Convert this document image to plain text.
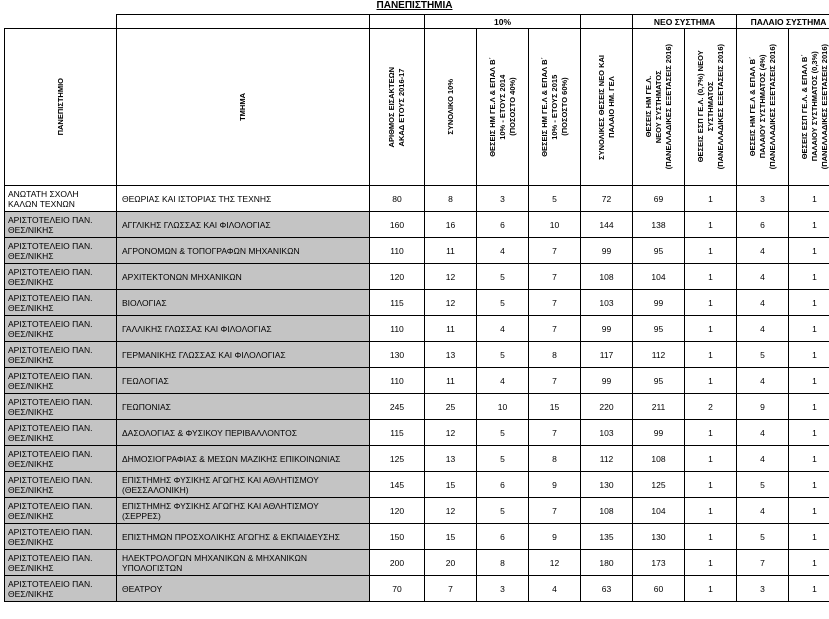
ΠΑΝΕΠΙΣΤΗΜΙΑ
			10%				ΝΕΟ ΣΥΣΤΗΜΑ		ΠΑΛΑΙΟ ΣΥΣΤΗΜΑ	

ΠΑΝΕΠΙΣΤΗΜΙΟ	ΤΜΗΜΑ	ΑΡΙΘΜΟΣ ΕΙΣΑΚΤΕΩΝ
ΑΚΑΔ ΕΤΟΥΣ 2016-17	ΣΥΝΟΛΙΚΟ 10%	ΘΕΣΕΙΣ ΗΜ ΓΕ.Λ & ΕΠΑΛ Β΄
10% - ΕΤΟΥΣ 2014
(ΠΟΣΟΣΤΟ 40%)	ΘΕΣΕΙΣ ΗΜ ΓΕ.Λ & ΕΠΑΛ Β΄
10% - ΕΤΟΥΣ 2015
(ΠΟΣΟΣΤΟ 60%)	ΣΥΝΟΛΙΚΕΣ ΘΕΣΕΙΣ ΝΕΟ ΚΑΙ
ΠΑΛΑΙΟ ΗΜ. ΓΕΛ	ΘΕΣΕΙΣ ΗΜ ΓΕ.Λ.
ΝΕΟΥ ΣΥΣΤΗΜΑΤΟΣ
(ΠΑΝΕΛΛΑΔΙΚΕΣ ΕΞΕΤΑΣΕΙΣ 2016)	ΘΕΣΕΙΣ ΕΣΠ ΓΕ.Λ. (0,7%) ΝΕΟΥ
ΣΥΣΤΗΜΑΤΟΣ
(ΠΑΝΕΛΛΑΔΙΚΕΣ ΕΞΕΤΑΣΕΙΣ 2016)	ΘΕΣΕΙΣ ΗΜ ΓΕ.Λ & ΕΠΑΛ Β΄
ΠΑΛΑΙΟΥ ΣΥΣΤΗΜΑΤΟΣ (4%)
(ΠΑΝΕΛΛΑΔΙΚΕΣ ΕΞΕΤΑΣΕΙΣ 2016)	ΘΕΣΕΙΣ ΕΣΠ ΓΕ.Λ. & ΕΠΑΛ Β΄
ΠΑΛΑΙΟΥ ΣΥΣΤΗΜΑΤΟΣ (0,3%)
(ΠΑΝΕΛΛΑΔΙΚΕΣ ΕΞΕΤΑΣΕΙΣ 2016)

ΑΝΩΤΑΤΗ ΣΧΟΛΗ
ΚΑΛΩΝ ΤΕΧΝΩΝ	ΘΕΩΡΙΑΣ ΚΑΙ ΙΣΤΟΡΙΑΣ ΤΗΣ ΤΕΧΝΗΣ	80	8	3	5	72	69	1	3	1
ΑΡΙΣΤΟΤΕΛΕΙΟ ΠΑΝ.
ΘΕΣ/ΝΙΚΗΣ	ΑΓΓΛΙΚΗΣ ΓΛΩΣΣΑΣ ΚΑΙ ΦΙΛΟΛΟΓΙΑΣ	160	16	6	10	144	138	1	6	1
ΑΡΙΣΤΟΤΕΛΕΙΟ ΠΑΝ.
ΘΕΣ/ΝΙΚΗΣ	ΑΓΡΟΝΟΜΩΝ & ΤΟΠΟΓΡΑΦΩΝ ΜΗΧΑΝΙΚΩΝ	110	11	4	7	99	95	1	4	1
ΑΡΙΣΤΟΤΕΛΕΙΟ ΠΑΝ.
ΘΕΣ/ΝΙΚΗΣ	ΑΡΧΙΤΕΚΤΟΝΩΝ ΜΗΧΑΝΙΚΩΝ	120	12	5	7	108	104	1	4	1
ΑΡΙΣΤΟΤΕΛΕΙΟ ΠΑΝ.
ΘΕΣ/ΝΙΚΗΣ	ΒΙΟΛΟΓΙΑΣ	115	12	5	7	103	99	1	4	1
ΑΡΙΣΤΟΤΕΛΕΙΟ ΠΑΝ.
ΘΕΣ/ΝΙΚΗΣ	ΓΑΛΛΙΚΗΣ ΓΛΩΣΣΑΣ ΚΑΙ ΦΙΛΟΛΟΓΙΑΣ	110	11	4	7	99	95	1	4	1
ΑΡΙΣΤΟΤΕΛΕΙΟ ΠΑΝ.
ΘΕΣ/ΝΙΚΗΣ	ΓΕΡΜΑΝΙΚΗΣ ΓΛΩΣΣΑΣ ΚΑΙ ΦΙΛΟΛΟΓΙΑΣ	130	13	5	8	117	112	1	5	1
ΑΡΙΣΤΟΤΕΛΕΙΟ ΠΑΝ.
ΘΕΣ/ΝΙΚΗΣ	ΓΕΩΛΟΓΙΑΣ	110	11	4	7	99	95	1	4	1
ΑΡΙΣΤΟΤΕΛΕΙΟ ΠΑΝ.
ΘΕΣ/ΝΙΚΗΣ	ΓΕΩΠΟΝΙΑΣ	245	25	10	15	220	211	2	9	1
ΑΡΙΣΤΟΤΕΛΕΙΟ ΠΑΝ.
ΘΕΣ/ΝΙΚΗΣ	ΔΑΣΟΛΟΓΙΑΣ & ΦΥΣΙΚΟΥ ΠΕΡΙΒΑΛΛΟΝΤΟΣ	115	12	5	7	103	99	1	4	1
ΑΡΙΣΤΟΤΕΛΕΙΟ ΠΑΝ.
ΘΕΣ/ΝΙΚΗΣ	ΔΗΜΟΣΙΟΓΡΑΦΙΑΣ & ΜΕΣΩΝ ΜΑΖΙΚΗΣ ΕΠΙΚΟΙΝΩΝΙΑΣ	125	13	5	8	112	108	1	4	1
ΑΡΙΣΤΟΤΕΛΕΙΟ ΠΑΝ.
ΘΕΣ/ΝΙΚΗΣ	ΕΠΙΣΤΗΜΗΣ ΦΥΣΙΚΗΣ ΑΓΩΓΗΣ ΚΑΙ ΑΘΛΗΤΙΣΜΟΥ
(ΘΕΣΣΑΛΟΝΙΚΗ)	145	15	6	9	130	125	1	5	1
ΑΡΙΣΤΟΤΕΛΕΙΟ ΠΑΝ.
ΘΕΣ/ΝΙΚΗΣ	ΕΠΙΣΤΗΜΗΣ ΦΥΣΙΚΗΣ ΑΓΩΓΗΣ ΚΑΙ ΑΘΛΗΤΙΣΜΟΥ
(ΣΕΡΡΕΣ)	120	12	5	7	108	104	1	4	1
ΑΡΙΣΤΟΤΕΛΕΙΟ ΠΑΝ.
ΘΕΣ/ΝΙΚΗΣ	ΕΠΙΣΤΗΜΩΝ ΠΡΟΣΧΟΛΙΚΗΣ ΑΓΩΓΗΣ & ΕΚΠΑΙΔΕΥΣΗΣ	150	15	6	9	135	130	1	5	1
ΑΡΙΣΤΟΤΕΛΕΙΟ ΠΑΝ.
ΘΕΣ/ΝΙΚΗΣ	ΗΛΕΚΤΡΟΛΟΓΩΝ ΜΗΧΑΝΙΚΩΝ & ΜΗΧΑΝΙΚΩΝ
ΥΠΟΛΟΓΙΣΤΩΝ	200	20	8	12	180	173	1	7	1
ΑΡΙΣΤΟΤΕΛΕΙΟ ΠΑΝ.
ΘΕΣ/ΝΙΚΗΣ	ΘΕΑΤΡΟΥ	70	7	3	4	63	60	1	3	1
